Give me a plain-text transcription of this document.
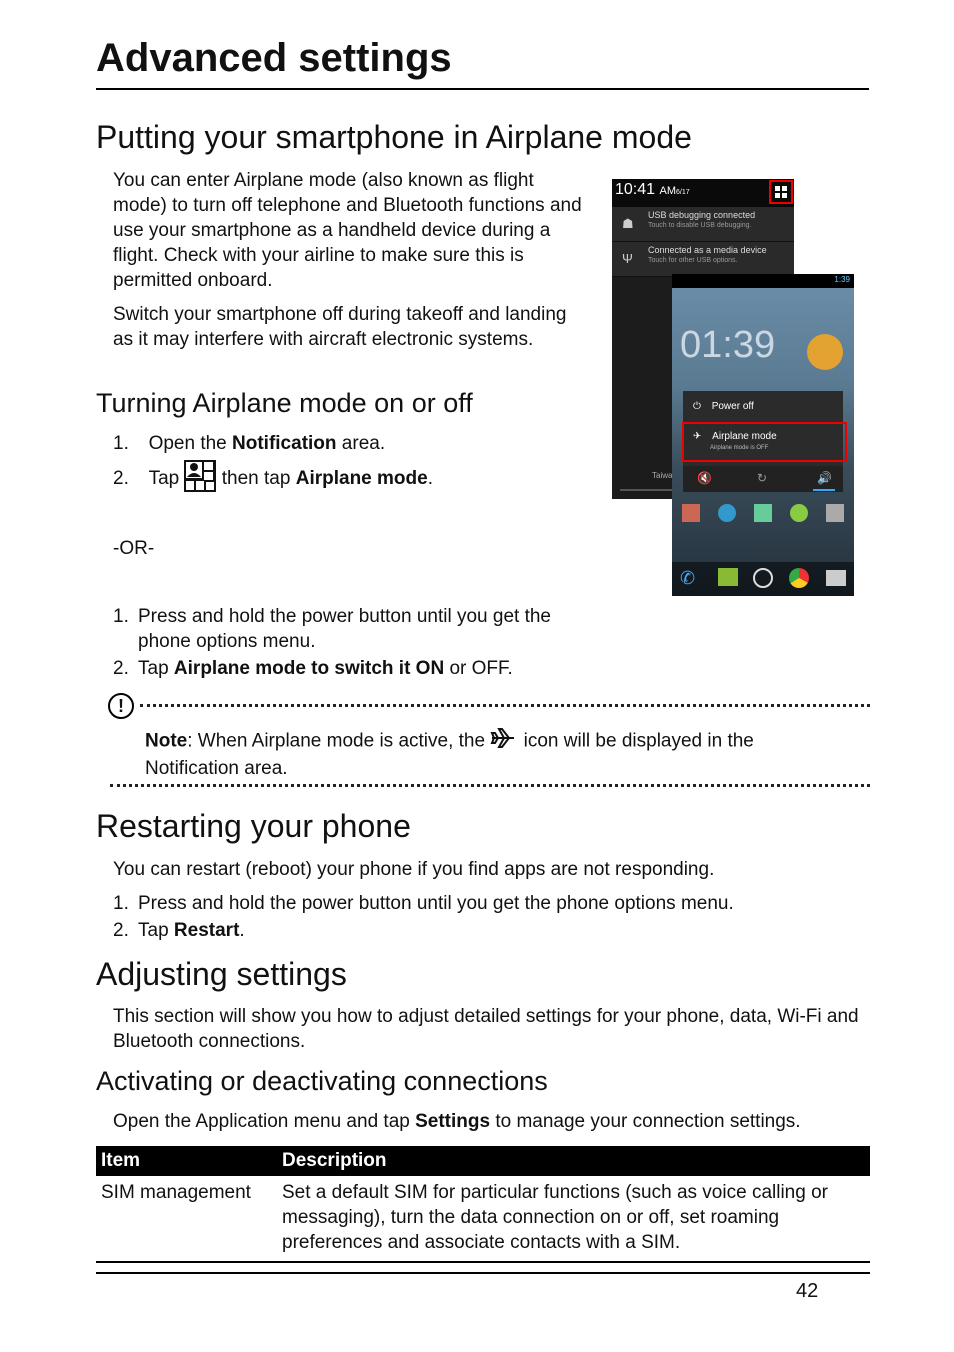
Advanced settings
Putting your smartphone in Airplane mode

You can enter Airplane mode (also known as flight mode) to turn off telephone and Bluetooth functions and use your smartphone as a handheld device during a flight. Check with your airline to make sure this is permitted onboard.

Switch your smartphone off during takeoff and landing as it may interfere with aircraft electronic systems.

Turning Airplane mode on or off
1. Open the Notification area.
2. Tap  then tap Airplane mode.
-OR-
1. Press and hold the power button until you get the phone options menu.
2. Tap Airplane mode to switch it ON or OFF.
!
Note: When Airplane mode is active, the  icon will be displayed in the Notification area.
Restarting your phone

You can restart (reboot) your phone if you find apps are not responding.

1. Press and hold the power button until you get the phone options menu.
2. Tap Restart.
Adjusting settings

This section will show you how to adjust detailed settings for your phone, data, Wi-Fi and Bluetooth connections.

Activating or deactivating connections

Open the Application menu and tap Settings to manage your connection settings.

Item	Description
SIM management	Set a default SIM for particular functions (such as voice calling or messaging), turn the data connection on or off, set roaming preferences and associate contacts with a SIM.
42
10:41 AM6/17
☗
USB debugging connected
Touch to disable USB debugging.
Ψ
Connected as a media device
Touch for other USB options.
Taiwa
1:39
01:39
⏻ Power off
✈ Airplane mode
Airplane mode is OFF
🔇	↻	🔊
✆
